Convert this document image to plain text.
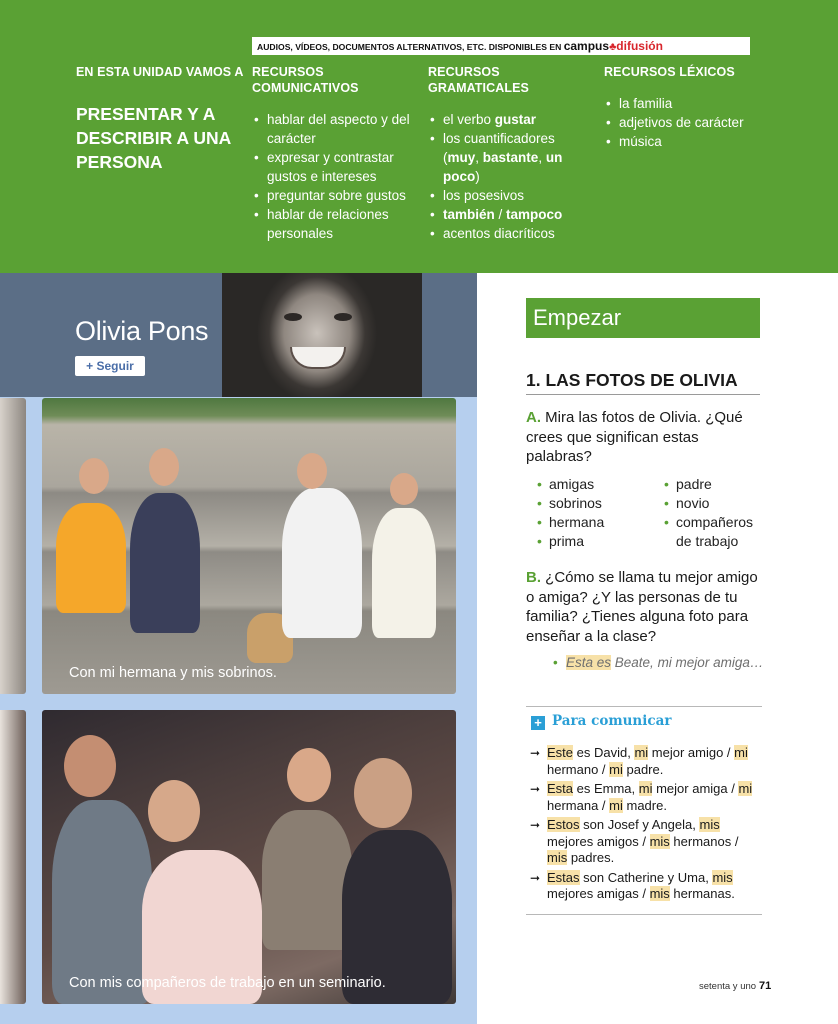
AUDIOS, VÍDEOS, DOCUMENTOS ALTERNATIVOS, ETC. DISPONIBLES EN campus♣difusión
EN ESTA UNIDAD VAMOS A
PRESENTAR Y A DESCRIBIR A UNA PERSONA
RECURSOS COMUNICATIVOS
• hablar del aspecto y del carácter
• expresar y contrastar gustos e intereses
• preguntar sobre gustos
• hablar de relaciones personales
RECURSOS GRAMATICALES
• el verbo gustar
• los cuantificadores (muy, bastante, un poco)
• los posesivos
• también / tampoco
• acentos diacríticos
RECURSOS LÉXICOS
• la familia
• adjetivos de carácter
• música
Olivia Pons
+ Seguir
Con mi hermana y mis sobrinos.
Con mis compañeros de trabajo en un seminario.
Empezar
1. LAS FOTOS DE OLIVIA
A. Mira las fotos de Olivia. ¿Qué crees que significan estas palabras?
• amigas
• sobrinos
• hermana
• prima
• padre
• novio
• compañeros de trabajo
B. ¿Cómo se llama tu mejor amigo o amiga? ¿Y las personas de tu familia? ¿Tienes alguna foto para enseñar a la clase?
• Esta es Beate, mi mejor amiga…
+ Para comunicar
➞ Este es David, mi mejor amigo / mi hermano / mi padre.
➞ Esta es Emma, mi mejor amiga / mi hermana / mi madre.
➞ Estos son Josef y Angela, mis mejores amigos / mis hermanos / mis padres.
➞ Estas son Catherine y Uma, mis mejores amigas / mis hermanas.
setenta y uno 71
